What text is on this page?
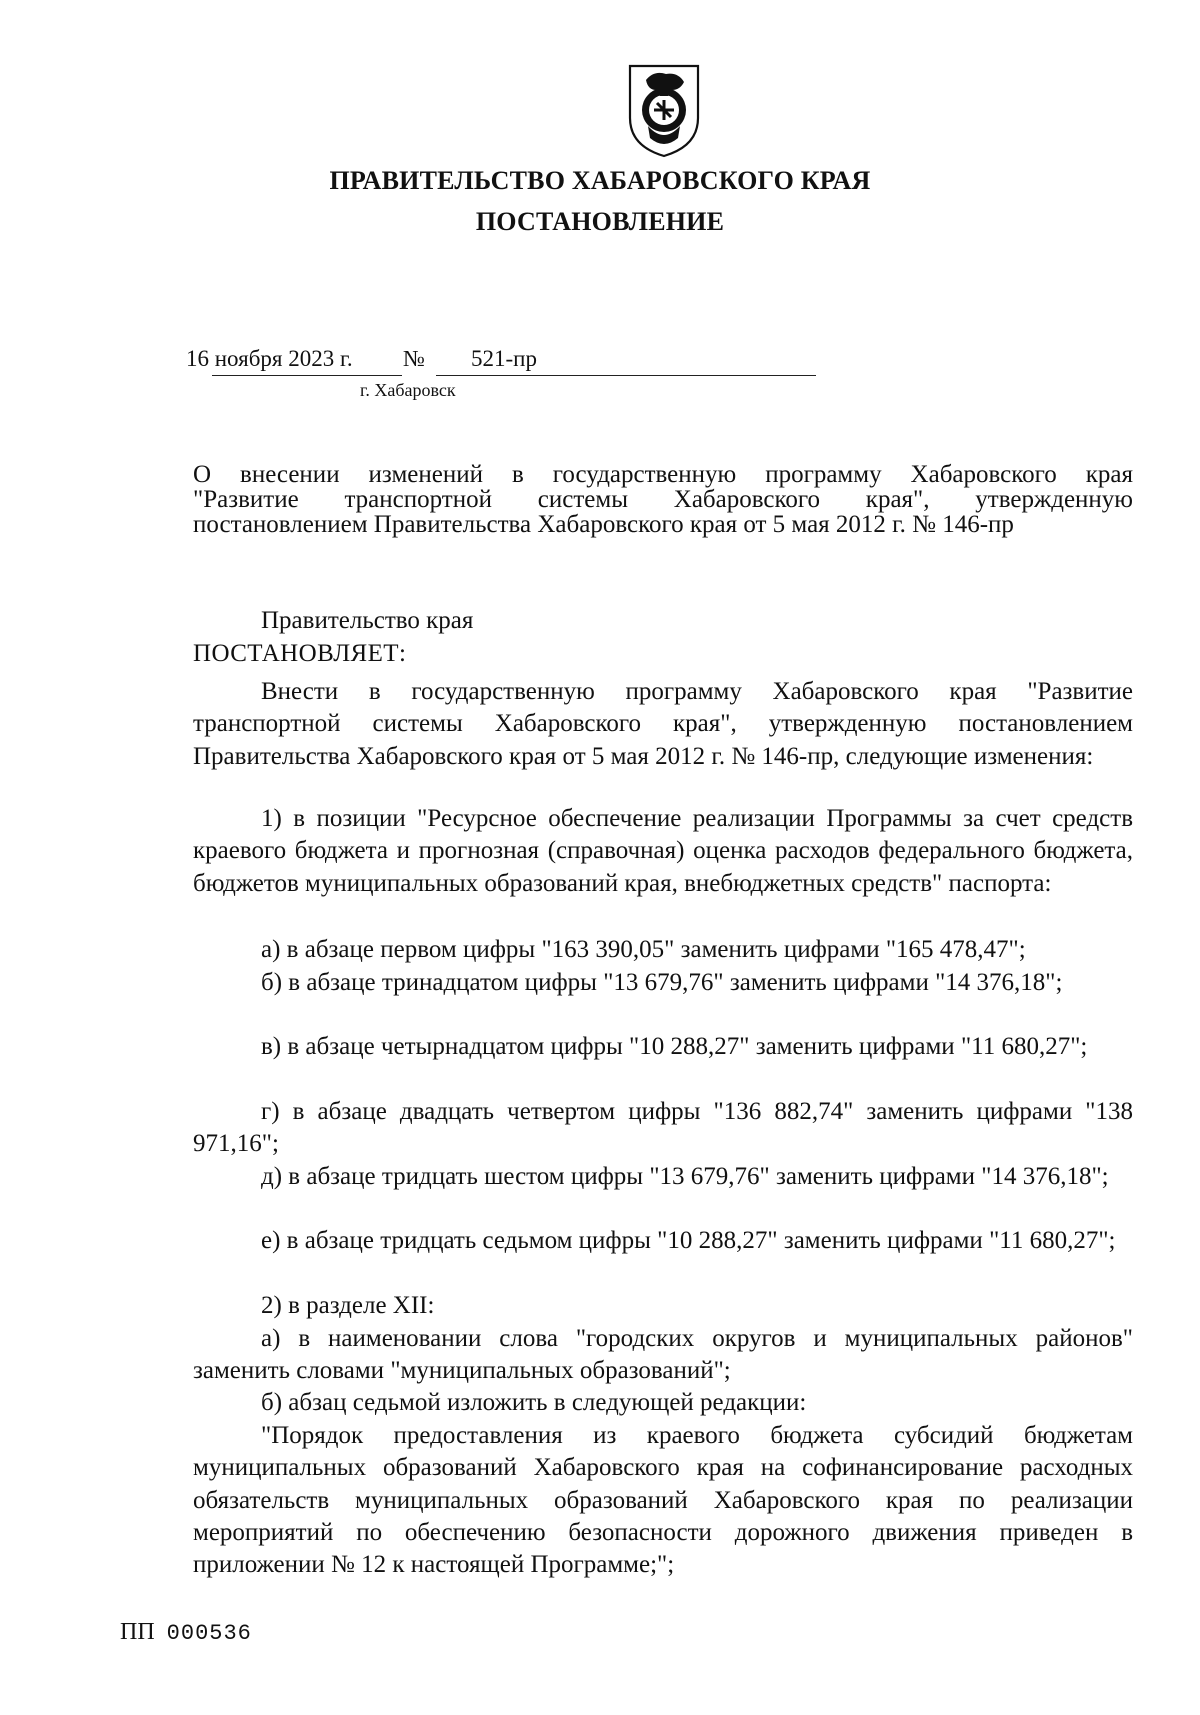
ПРАВИТЕЛЬСТВО ХАБАРОВСКОГО КРАЯ
ПОСТАНОВЛЕНИЕ
16 ноября 2023 г. № 521-пр
г. Хабаровск
О внесении изменений в государственную программу Хабаровского края
"Развитие транспортной системы Хабаровского края", утвержденную
постановлением Правительства Хабаровского края от 5 мая 2012 г. № 146-пр
Правительство края
ПОСТАНОВЛЯЕТ:

Внести в государственную программу Хабаровского края "Развитие транспортной системы Хабаровского края", утвержденную постановлением Правительства Хабаровского края от 5 мая 2012 г. № 146-пр, следующие изменения:

1) в позиции "Ресурсное обеспечение реализации Программы за счет средств краевого бюджета и прогнозная (справочная) оценка расходов федерального бюджета, бюджетов муниципальных образований края, внебюджетных средств" паспорта:

а) в абзаце первом цифры "163 390,05" заменить цифрами "165 478,47";

б) в абзаце тринадцатом цифры "13 679,76" заменить цифрами "14 376,18";

в) в абзаце четырнадцатом цифры "10 288,27" заменить цифрами "11 680,27";

г) в абзаце двадцать четвертом цифры "136 882,74" заменить цифрами "138 971,16";

д) в абзаце тридцать шестом цифры "13 679,76" заменить цифрами "14 376,18";

е) в абзаце тридцать седьмом цифры "10 288,27" заменить цифрами "11 680,27";

2) в разделе XII:

а) в наименовании слова "городских округов и муниципальных районов" заменить словами "муниципальных образований";

б) абзац седьмой изложить в следующей редакции:

"Порядок предоставления из краевого бюджета субсидий бюджетам муниципальных образований Хабаровского края на софинансирование расходных обязательств муниципальных образований Хабаровского края по реализации мероприятий по обеспечению безопасности дорожного движения приведен в приложении № 12 к настоящей Программе;";

ПП 000536
